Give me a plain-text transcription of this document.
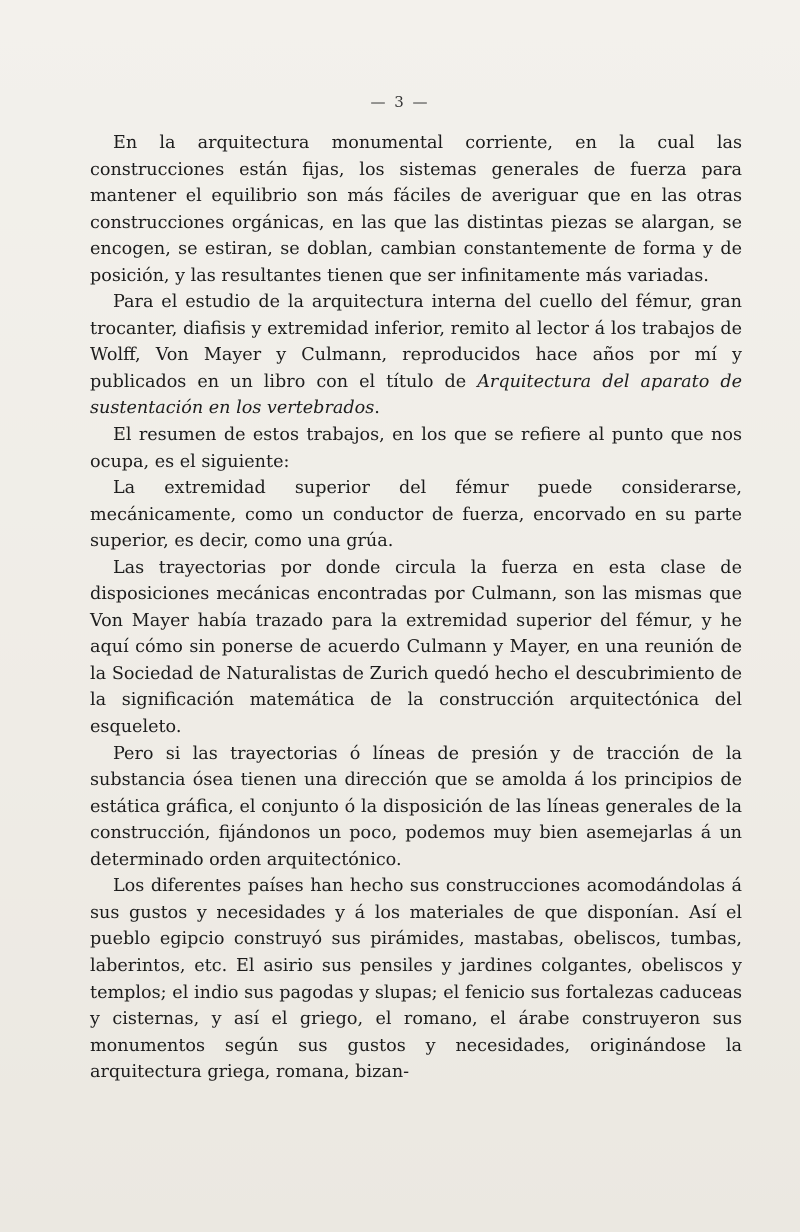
— 3 —

En la arquitectura monumental corriente, en la cual las construcciones están fijas, los sistemas generales de fuerza para mantener el equilibrio son más fáciles de averiguar que en las otras construcciones orgánicas, en las que las distintas piezas se alargan, se encogen, se estiran, se doblan, cambian constantemente de forma y de posición, y las resultantes tienen que ser infinitamente más variadas.

Para el estudio de la arquitectura interna del cuello del fémur, gran trocanter, diafisis y extremidad inferior, remito al lector á los trabajos de Wolff, Von Mayer y Culmann, reproducidos hace años por mí y publicados en un libro con el título de Arquitectura del aparato de sustentación en los vertebrados.

El resumen de estos trabajos, en los que se refiere al punto que nos ocupa, es el siguiente:

La extremidad superior del fémur puede considerarse, mecánicamente, como un conductor de fuerza, encorvado en su parte superior, es decir, como una grúa.

Las trayectorias por donde circula la fuerza en esta clase de disposiciones mecánicas encontradas por Culmann, son las mismas que Von Mayer había trazado para la extremidad superior del fémur, y he aquí cómo sin ponerse de acuerdo Culmann y Mayer, en una reunión de la Sociedad de Naturalistas de Zurich quedó hecho el descubrimiento de la significación matemática de la construcción arquitectónica del esqueleto.

Pero si las trayectorias ó líneas de presión y de tracción de la substancia ósea tienen una dirección que se amolda á los principios de estática gráfica, el conjunto ó la disposición de las líneas generales de la construcción, fijándonos un poco, podemos muy bien asemejarlas á un determinado orden arquitectónico.

Los diferentes países han hecho sus construcciones acomodándolas á sus gustos y necesidades y á los materiales de que disponían. Así el pueblo egipcio construyó sus pirámides, mastabas, obeliscos, tumbas, laberintos, etc. El asirio sus pensiles y jardines colgantes, obeliscos y templos; el indio sus pagodas y slupas; el fenicio sus fortalezas caduceas y cisternas, y así el griego, el romano, el árabe construyeron sus monumentos según sus gustos y necesidades, originándose la arquitectura griega, romana, bizan-
